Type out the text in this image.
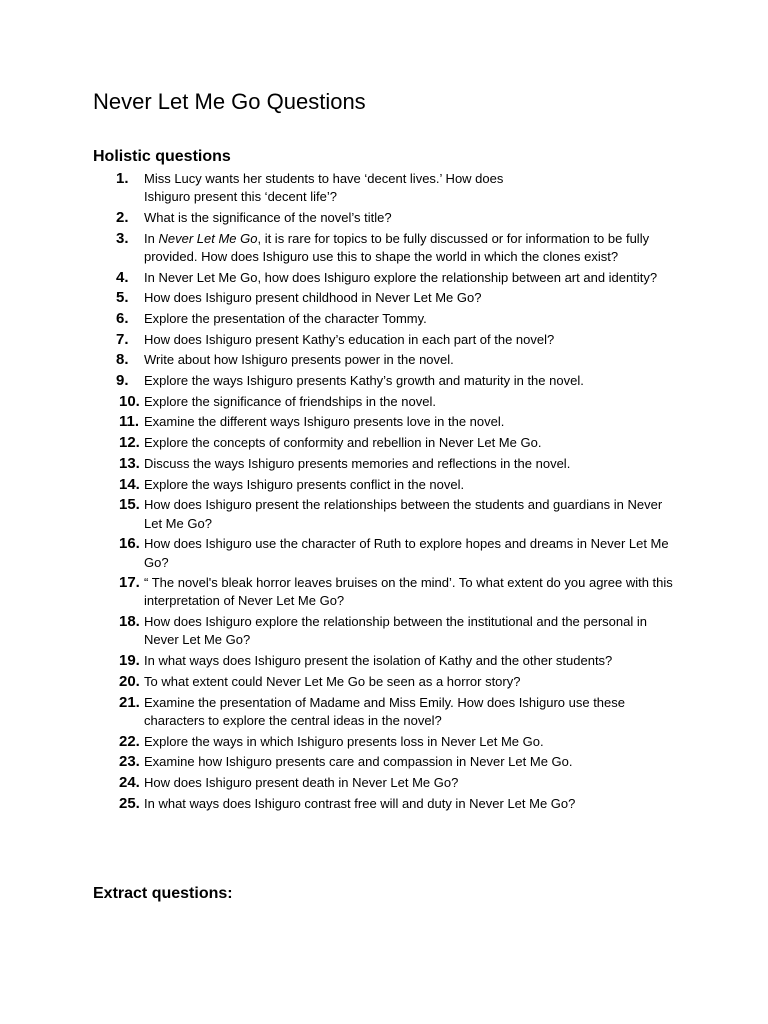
Never Let Me Go Questions
Holistic questions
1.	Miss Lucy wants her students to have ‘decent lives.’ How does
Ishiguro present this ‘decent life’?
2.	What is the significance of the novel’s title?
3.	In Never Let Me Go, it is rare for topics to be fully discussed or for information to be fully provided. How does Ishiguro use this to shape the world in which the clones exist?
4.	In Never Let Me Go, how does Ishiguro explore the relationship between art and identity?
5.	How does Ishiguro present childhood in Never Let Me Go?
6.	Explore the presentation of the character Tommy.
7.	How does Ishiguro present Kathy’s education in each part of the novel?
8.	Write about how Ishiguro presents power in the novel.
9.	Explore the ways Ishiguro presents Kathy’s growth and maturity in the novel.
10. Explore the significance of friendships in the novel.
11. Examine the different ways Ishiguro presents love in the novel.
12. Explore the concepts of conformity and rebellion in Never Let Me Go.
13. Discuss the ways Ishiguro presents memories and reflections in the novel.
14. Explore the ways Ishiguro presents conflict in the novel.
15. How does Ishiguro present the relationships between the students and guardians in Never Let Me Go?
16. How does Ishiguro use the character of Ruth to explore hopes and dreams in Never Let Me Go?
17. “ The novel's bleak horror leaves bruises on the mind’. To what extent do you agree with this interpretation of Never Let Me Go?
18. How does Ishiguro explore the relationship between the institutional and the personal in Never Let Me Go?
19. In what ways does Ishiguro present the isolation of Kathy and the other students?
20. To what extent could Never Let Me Go be seen as a horror story?
21. Examine the presentation of Madame and Miss Emily. How does Ishiguro use these characters to explore the central ideas in the novel?
22. Explore the ways in which Ishiguro presents loss in Never Let Me Go.
23. Examine how Ishiguro presents care and compassion in Never Let Me Go.
24. How does Ishiguro present death in Never Let Me Go?
25. In what ways does Ishiguro contrast free will and duty in Never Let Me Go?
Extract questions:
